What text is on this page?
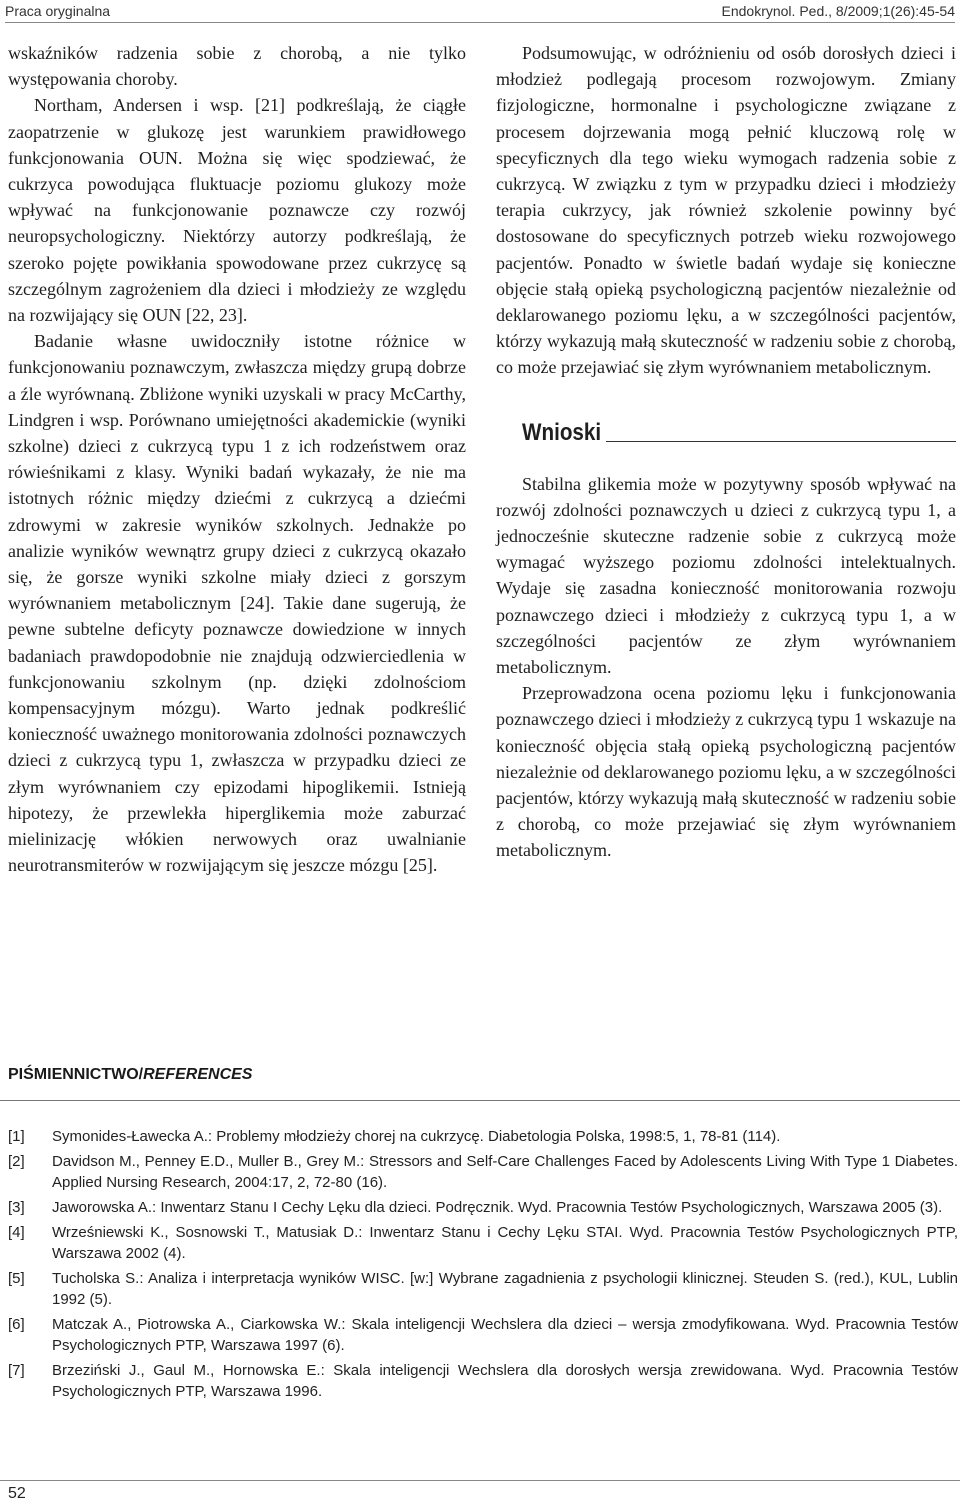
Praca oryginalna	Endokrynol. Ped., 8/2009;1(26):45-54

wskaźników radzenia sobie z chorobą, a nie tylko występowania choroby.

Northam, Andersen i wsp. [21] podkreślają, że ciągłe zaopatrzenie w glukozę jest warunkiem prawidłowego funkcjonowania OUN. Można się więc spodziewać, że cukrzyca powodująca fluktuacje poziomu glukozy może wpływać na funkcjonowanie poznawcze czy rozwój neuropsychologiczny. Niektórzy autorzy podkreślają, że szeroko pojęte powikłania spowodowane przez cukrzycę są szczególnym zagrożeniem dla dzieci i młodzieży ze względu na rozwijający się OUN [22, 23].

Badanie własne uwidoczniły istotne różnice w funkcjonowaniu poznawczym, zwłaszcza między grupą dobrze a źle wyrównaną. Zbliżone wyniki uzyskali w pracy McCarthy, Lindgren i wsp. Porównano umiejętności akademickie (wyniki szkolne) dzieci z cukrzycą typu 1 z ich rodzeństwem oraz rówieśnikami z klasy. Wyniki badań wykazały, że nie ma istotnych różnic między dziećmi z cukrzycą a dziećmi zdrowymi w zakresie wyników szkolnych. Jednakże po analizie wyników wewnątrz grupy dzieci z cukrzycą okazało się, że gorsze wyniki szkolne miały dzieci z gorszym wyrównaniem metabolicznym [24]. Takie dane sugerują, że pewne subtelne deficyty poznawcze dowiedzione w innych badaniach prawdopodobnie nie znajdują odzwierciedlenia w funkcjonowaniu szkolnym (np. dzięki zdolnościom kompensacyjnym mózgu). Warto jednak podkreślić konieczność uważnego monitorowania zdolności poznawczych dzieci z cukrzycą typu 1, zwłaszcza w przypadku dzieci ze złym wyrównaniem czy epizodami hipoglikemii. Istnieją hipotezy, że przewlekła hiperglikemia może zaburzać mielinizację włókien nerwowych oraz uwalnianie neurotransmiterów w rozwijającym się jeszcze mózgu [25].

Podsumowując, w odróżnieniu od osób dorosłych dzieci i młodzież podlegają procesom rozwojowym. Zmiany fizjologiczne, hormonalne i psychologiczne związane z procesem dojrzewania mogą pełnić kluczową rolę w specyficznych dla tego wieku wymogach radzenia sobie z cukrzycą. W związku z tym w przypadku dzieci i młodzieży terapia cukrzycy, jak również szkolenie powinny być dostosowane do specyficznych potrzeb wieku rozwojowego pacjentów. Ponadto w świetle badań wydaje się konieczne objęcie stałą opieką psychologiczną pacjentów niezależnie od deklarowanego poziomu lęku, a w szczególności pacjentów, którzy wykazują małą skuteczność w radzeniu sobie z chorobą, co może przejawiać się złym wyrównaniem metabolicznym.

Wnioski

Stabilna glikemia może w pozytywny sposób wpływać na rozwój zdolności poznawczych u dzieci z cukrzycą typu 1, a jednocześnie skuteczne radzenie sobie z cukrzycą może wymagać wyższego poziomu zdolności intelektualnych. Wydaje się zasadna konieczność monitorowania rozwoju poznawczego dzieci i młodzieży z cukrzycą typu 1, a w szczególności pacjentów ze złym wyrównaniem metabolicznym.

Przeprowadzona ocena poziomu lęku i funkcjonowania poznawczego dzieci i młodzieży z cukrzycą typu 1 wskazuje na konieczność objęcia stałą opieką psychologiczną pacjentów niezależnie od deklarowanego poziomu lęku, a w szczególności pacjentów, którzy wykazują małą skuteczność w radzeniu sobie z chorobą, co może przejawiać się złym wyrównaniem metabolicznym.

PIŚMIENNICTWO/REFERENCES
[1]	Symonides-Ławecka A.: Problemy młodzieży chorej na cukrzycę. Diabetologia Polska, 1998:5, 1, 78-81 (114).
[2]	Davidson M., Penney E.D., Muller B., Grey M.: Stressors and Self-Care Challenges Faced by Adolescents Living With Type 1 Diabetes. Applied Nursing Research, 2004:17, 2, 72-80 (16).
[3]	Jaworowska A.: Inwentarz Stanu I Cechy Lęku dla dzieci. Podręcznik. Wyd. Pracownia Testów Psychologicznych, Warszawa 2005 (3).
[4]	Wrześniewski K., Sosnowski T., Matusiak D.: Inwentarz Stanu i Cechy Lęku STAI. Wyd. Pracownia Testów Psychologicznych PTP, Warszawa 2002 (4).
[5]	Tucholska S.: Analiza i interpretacja wyników WISC. [w:] Wybrane zagadnienia z psychologii klinicznej. Steuden S. (red.), KUL, Lublin 1992 (5).
[6]	Matczak A., Piotrowska A., Ciarkowska W.: Skala inteligencji Wechslera dla dzieci – wersja zmodyfikowana. Wyd. Pracownia Testów Psychologicznych PTP, Warszawa 1997 (6).
[7]	Brzeziński J., Gaul M., Hornowska E.: Skala inteligencji Wechslera dla dorosłych wersja zrewidowana. Wyd. Pracownia Testów Psychologicznych PTP, Warszawa 1996.
52
